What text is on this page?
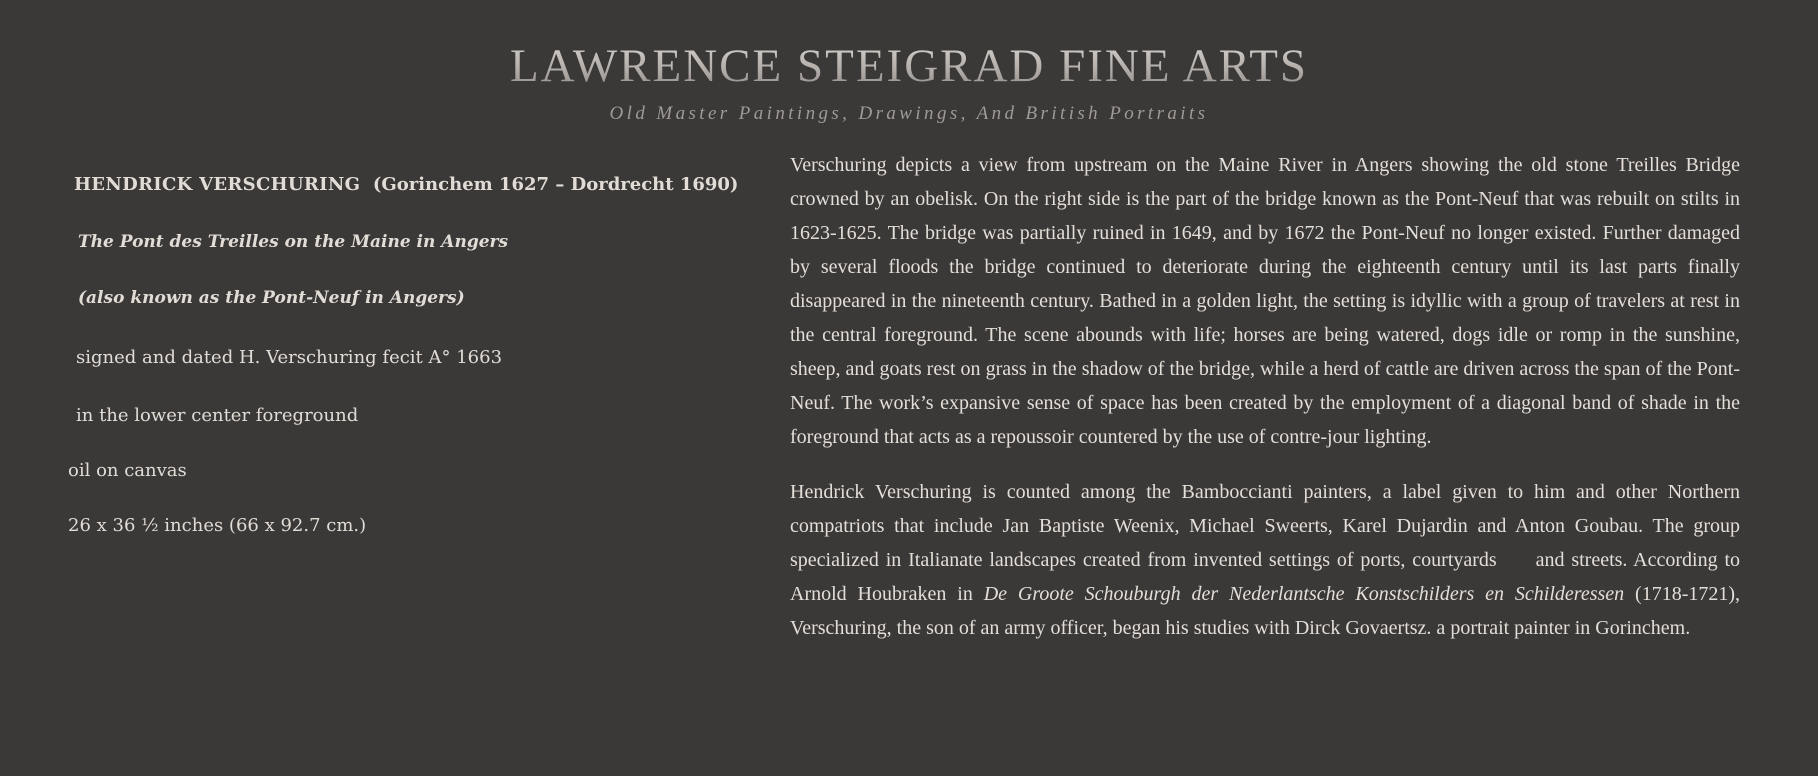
LAWRENCE STEIGRAD FINE ARTS
Old Master Paintings, Drawings, And British Portraits
HENDRICK VERSCHURING (Gorinchem 1627 – Dordrecht 1690)
The Pont des Treilles on the Maine in Angers
(also known as the Pont-Neuf in Angers)
signed and dated H. Verschuring fecit A° 1663
in the lower center foreground
oil on canvas
26 x 36 ½ inches (66 x 92.7 cm.)

Verschuring depicts a view from upstream on the Maine River in Angers showing the old stone Treilles Bridge crowned by an obelisk. On the right side is the part of the bridge known as the Pont-Neuf that was rebuilt on stilts in 1623-1625. The bridge was partially ruined in 1649, and by 1672 the Pont-Neuf no longer existed. Further damaged by several floods the bridge continued to deteriorate during the eighteenth century until its last parts finally disappeared in the nineteenth century. Bathed in a golden light, the setting is idyllic with a group of travelers at rest in the central foreground. The scene abounds with life; horses are being watered, dogs idle or romp in the sunshine, sheep, and goats rest on grass in the shadow of the bridge, while a herd of cattle are driven across the span of the Pont- Neuf. The work’s expansive sense of space has been created by the employment of a diagonal band of shade in the foreground that acts as a repoussoir countered by the use of contre-jour lighting.

Hendrick Verschuring is counted among the Bamboccianti painters, a label given to him and other Northern compatriots that include Jan Baptiste Weenix, Michael Sweerts, Karel Dujardin and Anton Goubau. The group specialized in Italianate landscapes created from invented settings of ports, courtyards and streets. According to Arnold Houbraken in De Groote Schouburgh der Nederlantsche Konstschilders en Schilderessen (1718-1721), Verschuring, the son of an army officer, began his studies with Dirck Govaertsz. a portrait painter in Gorinchem.
